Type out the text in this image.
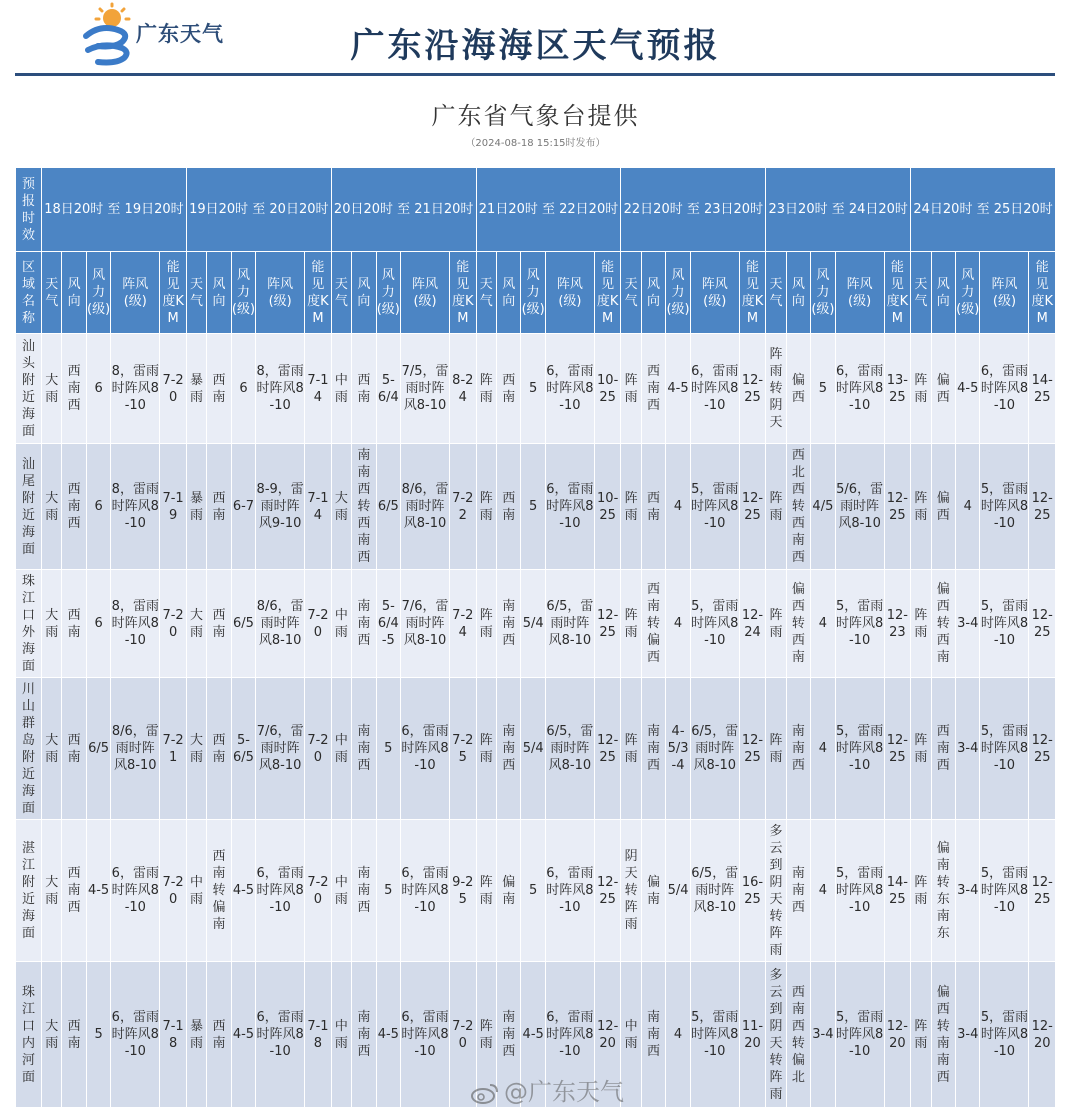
广东天气	广东沿海海区天气预报
广东省气象台提供
（2024-08-18 15:15时发布）
预报时效	18日20时 至 19日20时					19日20时 至 20日20时					20日20时 至 21日20时					21日20时 至 22日20时					22日20时 至 23日20时					23日20时 至 24日20时					24日20时 至 25日20时				
区域名称	天气	风向	风力(级)	阵风(级)	能见度KM	天气	风向	风力(级)	阵风(级)	能见度KM	天气	风向	风力(级)	阵风(级)	能见度KM	天气	风向	风力(级)	阵风(级)	能见度KM	天气	风向	风力(级)	阵风(级)	能见度KM	天气	风向	风力(级)	阵风(级)	能见度KM	天气	风向	风力(级)	阵风(级)	能见度KM
汕头附近海面	大雨	西南西	6	8，雷雨时阵风8-10	7-20	暴雨	西南	6	8，雷雨时阵风8-10	7-14	中雨	西南	5-6/4	7/5，雷雨时阵风8-10	8-24	阵雨	西南	5	6，雷雨时阵风8-10	10-25	阵雨	西南西	4-5	6，雷雨时阵风8-10	12-25	阵雨转阴天	偏西	5	6，雷雨时阵风8-10	13-25	阵雨	偏西	4-5	6，雷雨时阵风8-10	14-25
汕尾附近海面	大雨	西南西	6	8，雷雨时阵风8-10	7-19	暴雨	西南	6-7	8-9，雷雨时阵风9-10	7-14	大雨	南南西转西南西	6/5	8/6，雷雨时阵风8-10	7-22	阵雨	西南	5	6，雷雨时阵风8-10	10-25	阵雨	西南	4	5，雷雨时阵风8-10	12-25	阵雨	西北西转西南西	4/5	5/6，雷雨时阵风8-10	12-25	阵雨	偏西	4	5，雷雨时阵风8-10	12-25
珠江口外海面	大雨	西南	6	8，雷雨时阵风8-10	7-20	大雨	西南	6/5	8/6，雷雨时阵风8-10	7-20	中雨	南南西	5-6/4-5	7/6，雷雨时阵风8-10	7-24	阵雨	南南西	5/4	6/5，雷雨时阵风8-10	12-25	阵雨	西南转偏西	4	5，雷雨时阵风8-10	12-24	阵雨	偏西转西南	4	5，雷雨时阵风8-10	12-23	阵雨	偏西转西南	3-4	5，雷雨时阵风8-10	12-25
川山群岛附近海面	大雨	西南	6/5	8/6，雷雨时阵风8-10	7-21	大雨	西南	5-6/5	7/6，雷雨时阵风8-10	7-20	中雨	南南西	5	6，雷雨时阵风8-10	7-25	阵雨	南南西	5/4	6/5，雷雨时阵风8-10	12-25	阵雨	南南西	4-5/3-4	6/5，雷雨时阵风8-10	12-25	阵雨	南南西	4	5，雷雨时阵风8-10	12-25	阵雨	西南西	3-4	5，雷雨时阵风8-10	12-25
湛江附近海面	大雨	西南西	4-5	6，雷雨时阵风8-10	7-20	中雨	西南转偏南	4-5	6，雷雨时阵风8-10	7-20	中雨	南南西	5	6，雷雨时阵风8-10	9-25	阵雨	偏南	5	6，雷雨时阵风8-10	12-25	阴天转阵雨	偏南	5/4	6/5，雷雨时阵风8-10	16-25	多云到阴天转阵雨	南南西	4	5，雷雨时阵风8-10	14-25	阵雨	偏南转东南东	3-4	5，雷雨时阵风8-10	12-25
珠江口内河面	大雨	西南	5	6，雷雨时阵风8-10	7-18	暴雨	西南	4-5	6，雷雨时阵风8-10	7-18	中雨	南南西	4-5	6，雷雨时阵风8-10	7-20	阵雨	南南西	4-5	6，雷雨时阵风8-10	12-20	中雨	南南西	4	5，雷雨时阵风8-10	11-20	多云到阴天转阵雨	西南西转偏北	3-4	5，雷雨时阵风8-10	12-20	阵雨	偏西转南南西	3-4	5，雷雨时阵风8-10	12-20
@广东天气
